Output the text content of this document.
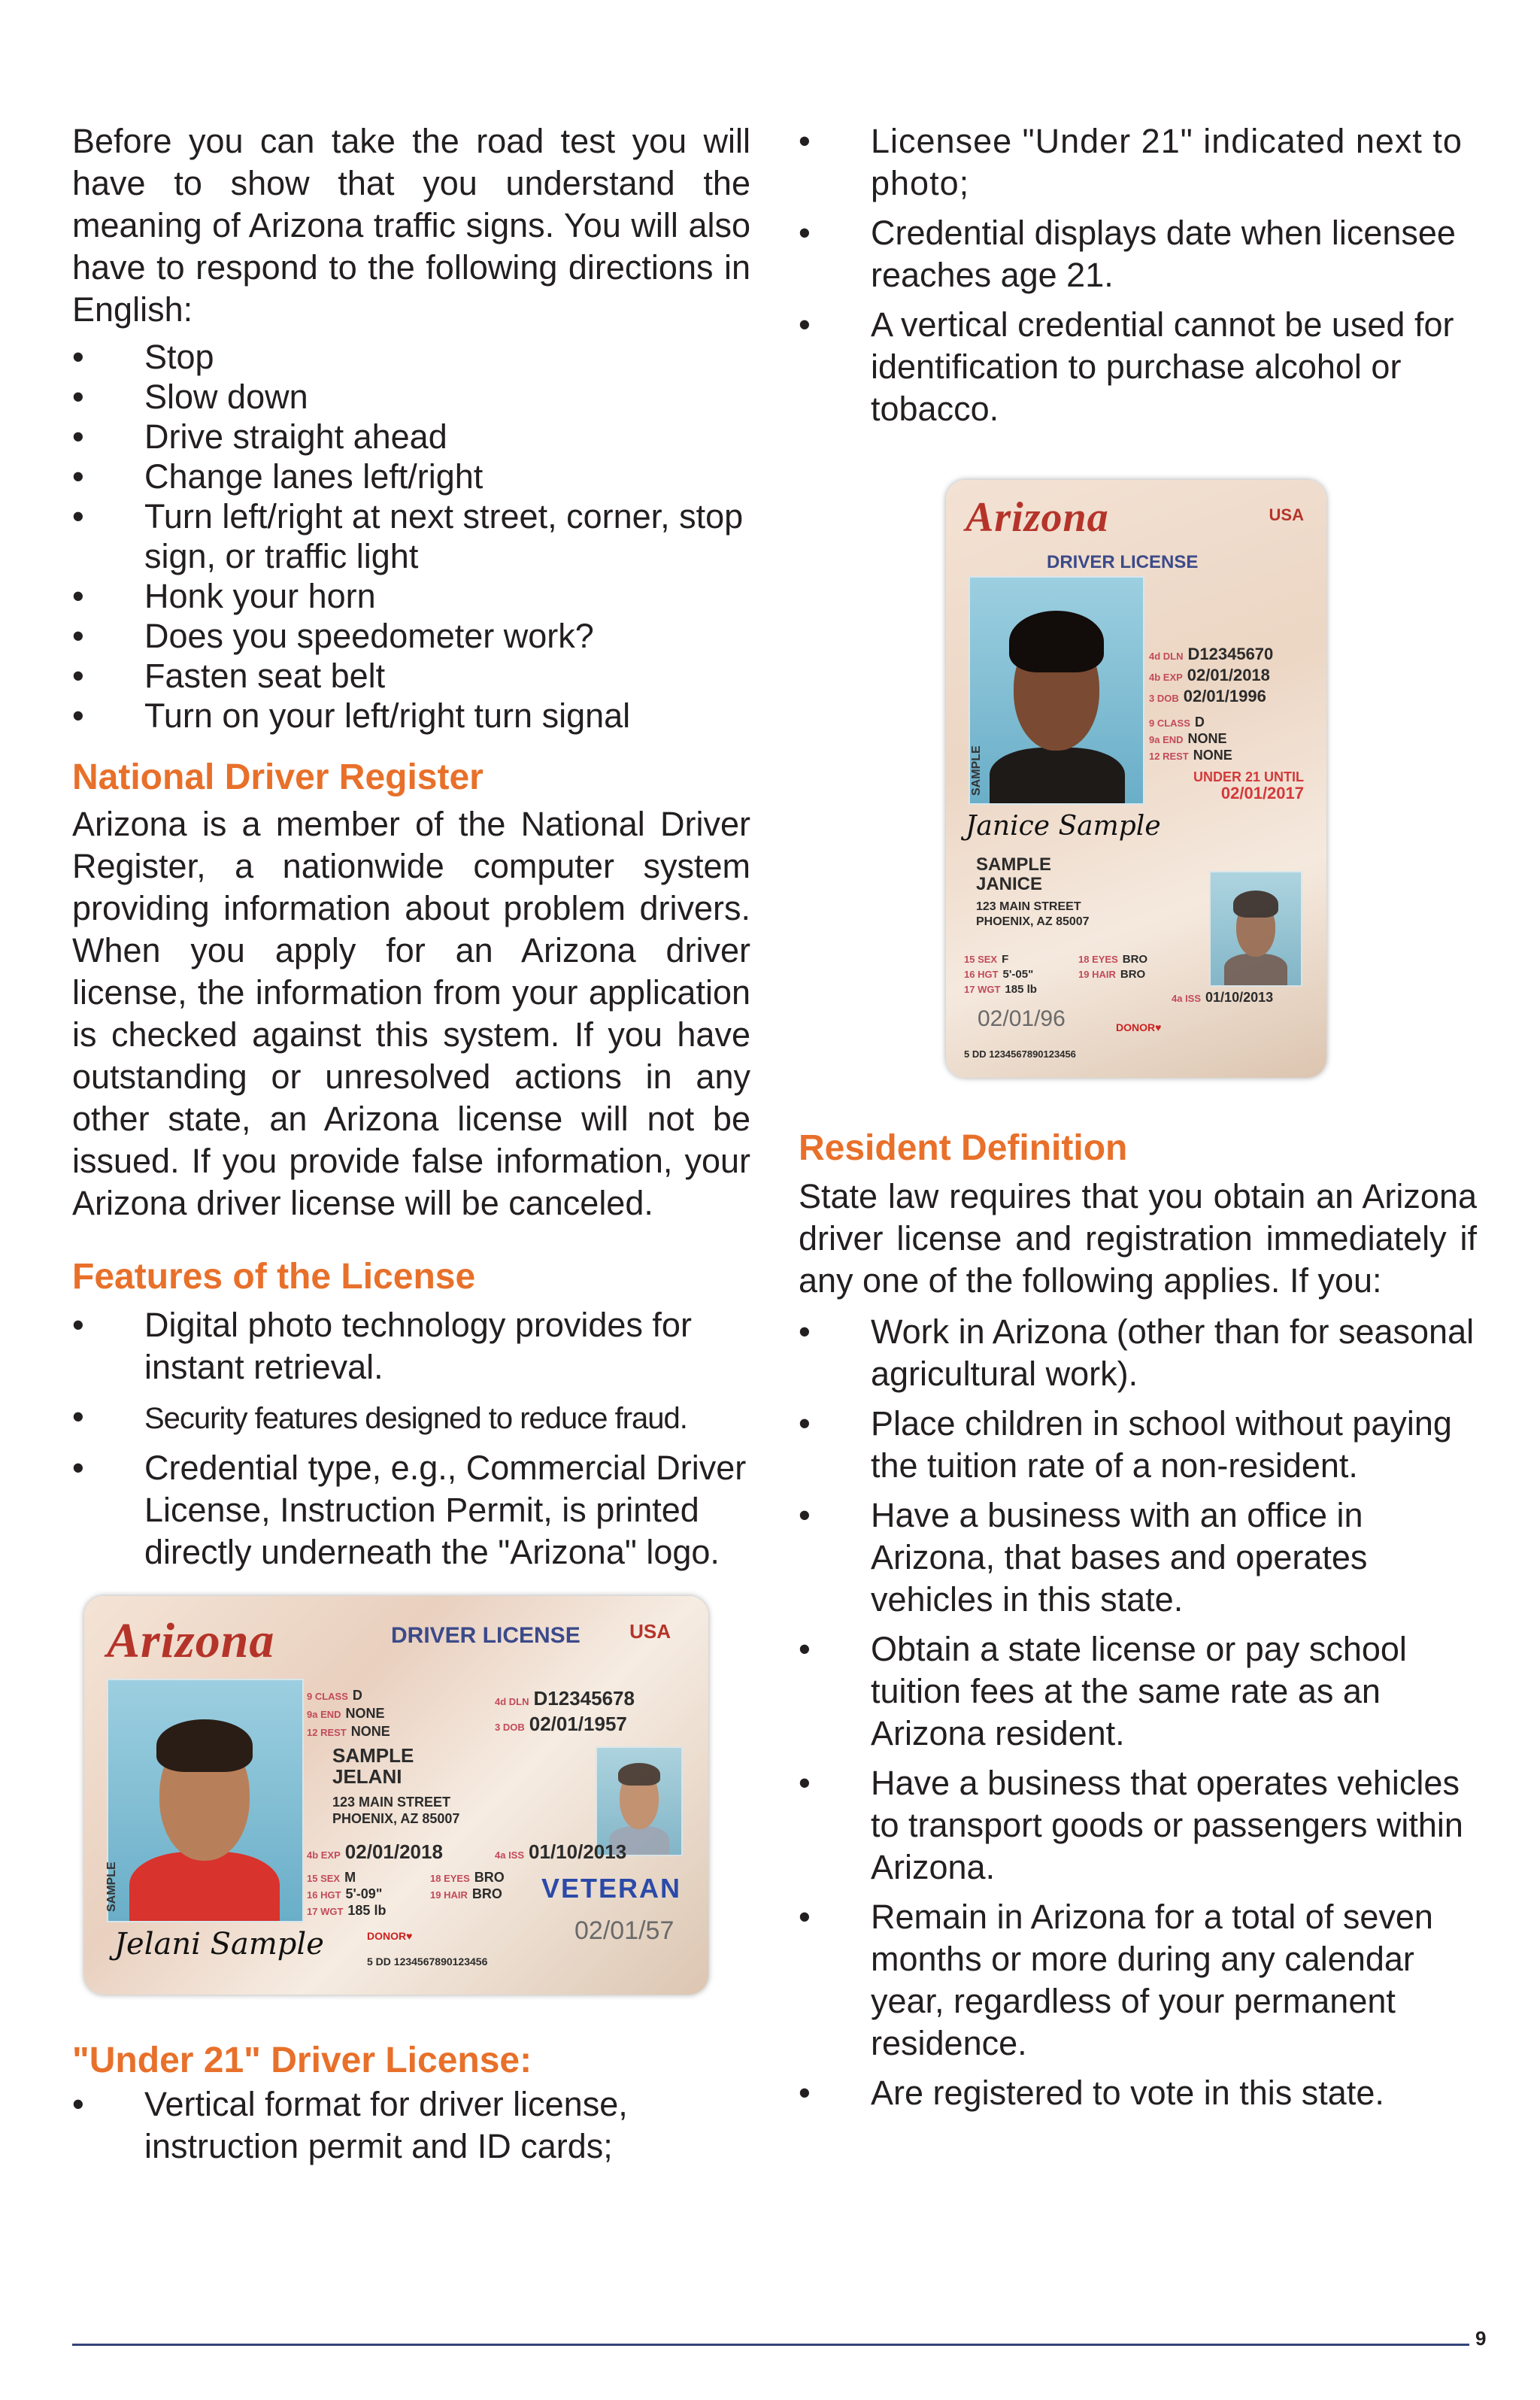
Before you can take the road test you will have to show that you understand the meaning of Arizona traffic signs. You will also have to respond to the following directions in English:

• Stop
• Slow down
• Drive straight ahead
• Change lanes left/right
• Turn left/right at next street, corner, stop sign, or traffic light
• Honk your horn
• Does you speedometer work?
• Fasten seat belt
• Turn on your left/right turn signal
National Driver Register

Arizona is a member of the National Driver Register, a nationwide computer system providing information about problem drivers. When you apply for an Arizona driver license, the information from your application is checked against this system. If you have outstanding or unresolved actions in any other state, an Arizona license will not be issued. If you provide false information, your Arizona driver license will be canceled.

Features of the License
• Digital photo technology provides for instant retrieval.
• Security features designed to reduce fraud.
• Credential type, e.g., Commercial Driver License, Instruction Permit, is printed directly underneath the "Arizona" logo.
Arizona	DRIVER LICENSE	USA
SAMPLE
9 CLASS D
9a END NONE
12 REST NONE
4d DLN D12345678
3 DOB 02/01/1957
SAMPLE
JELANI
123 MAIN STREET
PHOENIX, AZ 85007
4b EXP 02/01/2018	4a ISS 01/10/2013
15 SEX M
16 HGT 5'-09"
17 WGT 185 lb
18 EYES BRO
19 HAIR BRO VETERAN
02/01/57
Jelani Sample	DONOR♥
5 DD 1234567890123456
"Under 21" Driver License:
• Vertical format for driver license, instruction permit and ID cards;
• Licensee "Under 21" indicated next to photo;
• Credential displays date when licensee reaches age 21.
• A vertical credential cannot be used for identification to purchase alcohol or tobacco.
Arizona	USA
DRIVER LICENSE
SAMPLE
4d DLN D12345670
4b EXP 02/01/2018
3 DOB 02/01/1996
9 CLASS D
9a END NONE
12 REST NONE
UNDER 21 UNTIL
02/01/2017
Janice Sample
SAMPLE
JANICE
123 MAIN STREET
PHOENIX, AZ 85007
15 SEX F
16 HGT 5'-05"
17 WGT 185 lb
18 EYES BRO
19 HAIR BRO
4a ISS 01/10/2013
02/01/96	DONOR♥
5 DD 1234567890123456
Resident Definition

State law requires that you obtain an Arizona driver license and registration immediately if any one of the following applies. If you:

• Work in Arizona (other than for seasonal agricultural work).
• Place children in school without paying the tuition rate of a non-resident.
• Have a business with an office in Arizona, that bases and operates vehicles in this state.
• Obtain a state license or pay school tuition fees at the same rate as an Arizona resident.
• Have a business that operates vehicles to transport goods or passengers within Arizona.
• Remain in Arizona for a total of seven months or more during any calendar year, regardless of your permanent residence.
• Are registered to vote in this state.
9
